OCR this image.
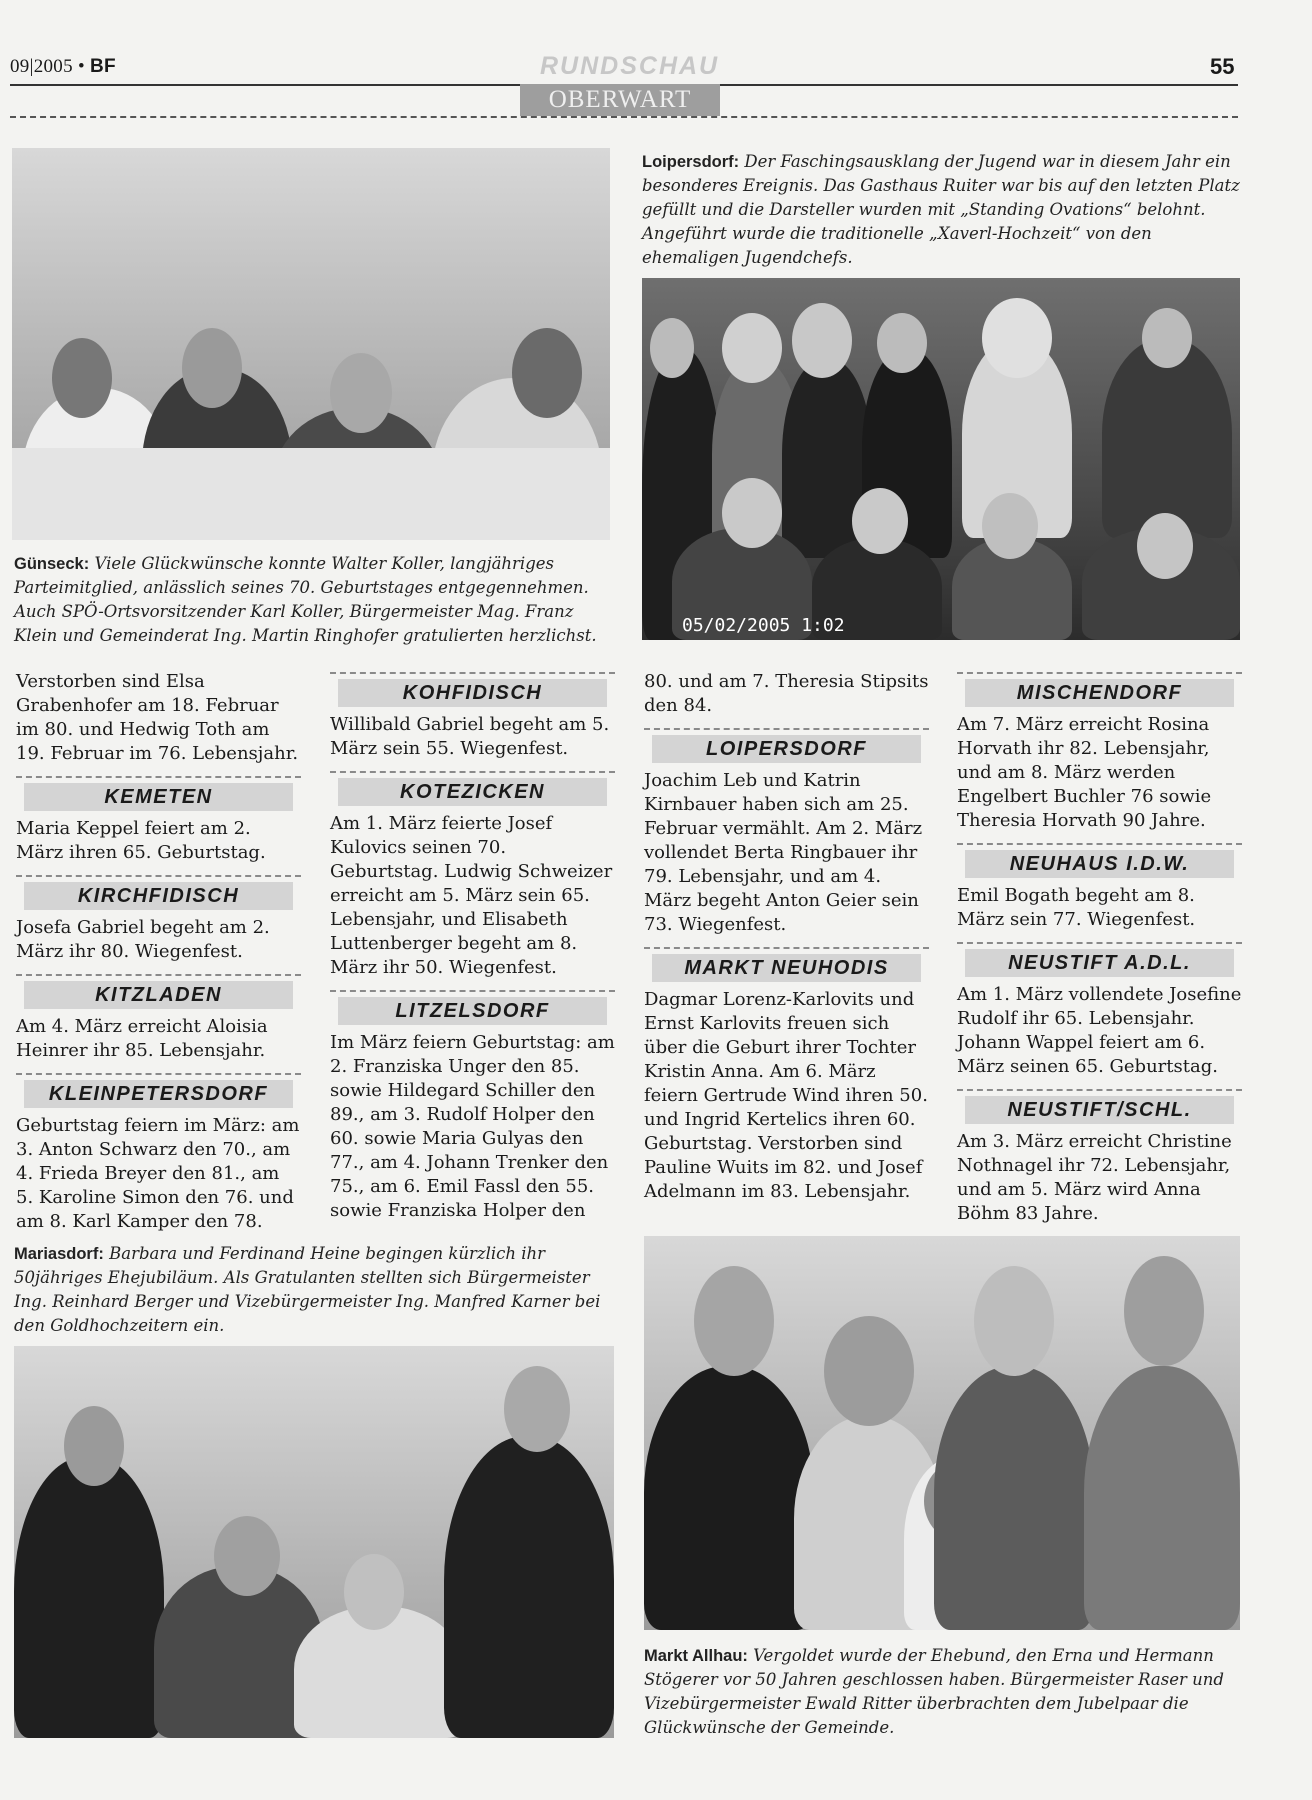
09|2005 • BF	RUNDSCHAU	55
OBERWART
05/02/2005 1:02
Loipersdorf: Der Faschingsausklang der Jugend war in diesem Jahr ein besonderes Ereignis. Das Gasthaus Ruiter war bis auf den letzten Platz gefüllt und die Darsteller wurden mit „Standing Ovations“ belohnt. Angeführt wurde die traditionelle „Xaverl-Hochzeit“ von den ehemaligen Jugendchefs.
Günseck: Viele Glückwünsche konnte Walter Koller, langjähriges Parteimitglied, anlässlich seines 70. Geburtstages entgegennehmen. Auch SPÖ-Ortsvorsitzender Karl Koller, Bürgermeister Mag. Franz Klein und Gemeinderat Ing. Martin Ringhofer gratulierten herzlichst.

Verstorben sind Elsa Grabenhofer am 18. Februar im 80. und Hedwig Toth am 19. Februar im 76. Lebensjahr.

KEMETEN

Maria Keppel feiert am 2. März ihren 65. Geburtstag.

KIRCHFIDISCH

Josefa Gabriel begeht am 2. März ihr 80. Wiegenfest.

KITZLADEN

Am 4. März erreicht Aloisia Heinrer ihr 85. Lebensjahr.

KLEINPETERSDORF

Geburtstag feiern im März: am 3. Anton Schwarz den 70., am 4. Frieda Breyer den 81., am 5. Karoline Simon den 76. und am 8. Karl Kamper den 78.

KOHFIDISCH

Willibald Gabriel begeht am 5. März sein 55. Wiegenfest.

KOTEZICKEN

Am 1. März feierte Josef Kulovics seinen 70. Geburtstag. Ludwig Schweizer erreicht am 5. März sein 65. Lebensjahr, und Elisabeth Luttenberger begeht am 8. März ihr 50. Wiegenfest.

LITZELSDORF

Im März feiern Geburtstag: am 2. Franziska Unger den 85. sowie Hildegard Schiller den 89., am 3. Rudolf Holper den 60. sowie Maria Gulyas den 77., am 4. Johann Trenker den 75., am 6. Emil Fassl den 55. sowie Franziska Holper den

80. und am 7. Theresia Stipsits den 84.

LOIPERSDORF

Joachim Leb und Katrin Kirnbauer haben sich am 25. Februar vermählt. Am 2. März vollendet Berta Ringbauer ihr 79. Lebensjahr, und am 4. März begeht Anton Geier sein 73. Wiegenfest.

MARKT NEUHODIS

Dagmar Lorenz-Karlovits und Ernst Karlovits freuen sich über die Geburt ihrer Tochter Kristin Anna. Am 6. März feiern Gertrude Wind ihren 50. und Ingrid Kertelics ihren 60. Geburtstag. Verstorben sind Pauline Wuits im 82. und Josef Adelmann im 83. Lebensjahr.

MISCHENDORF

Am 7. März erreicht Rosina Horvath ihr 82. Lebensjahr, und am 8. März werden Engelbert Buchler 76 sowie Theresia Horvath 90 Jahre.

NEUHAUS I.D.W.

Emil Bogath begeht am 8. März sein 77. Wiegenfest.

NEUSTIFT A.D.L.

Am 1. März vollendete Josefine Rudolf ihr 65. Lebensjahr. Johann Wappel feiert am 6. März seinen 65. Geburtstag.

NEUSTIFT/SCHL.

Am 3. März erreicht Christine Nothnagel ihr 72. Lebensjahr, und am 5. März wird Anna Böhm 83 Jahre.

Mariasdorf: Barbara und Ferdinand Heine begingen kürzlich ihr 50jähriges Ehejubiläum. Als Gratulanten stellten sich Bürgermeister Ing. Reinhard Berger und Vizebürgermeister Ing. Manfred Karner bei den Goldhochzeitern ein.
Markt Allhau: Vergoldet wurde der Ehebund, den Erna und Hermann Stögerer vor 50 Jahren geschlossen haben. Bürgermeister Raser und Vizebürgermeister Ewald Ritter überbrachten dem Jubelpaar die Glückwünsche der Gemeinde.
